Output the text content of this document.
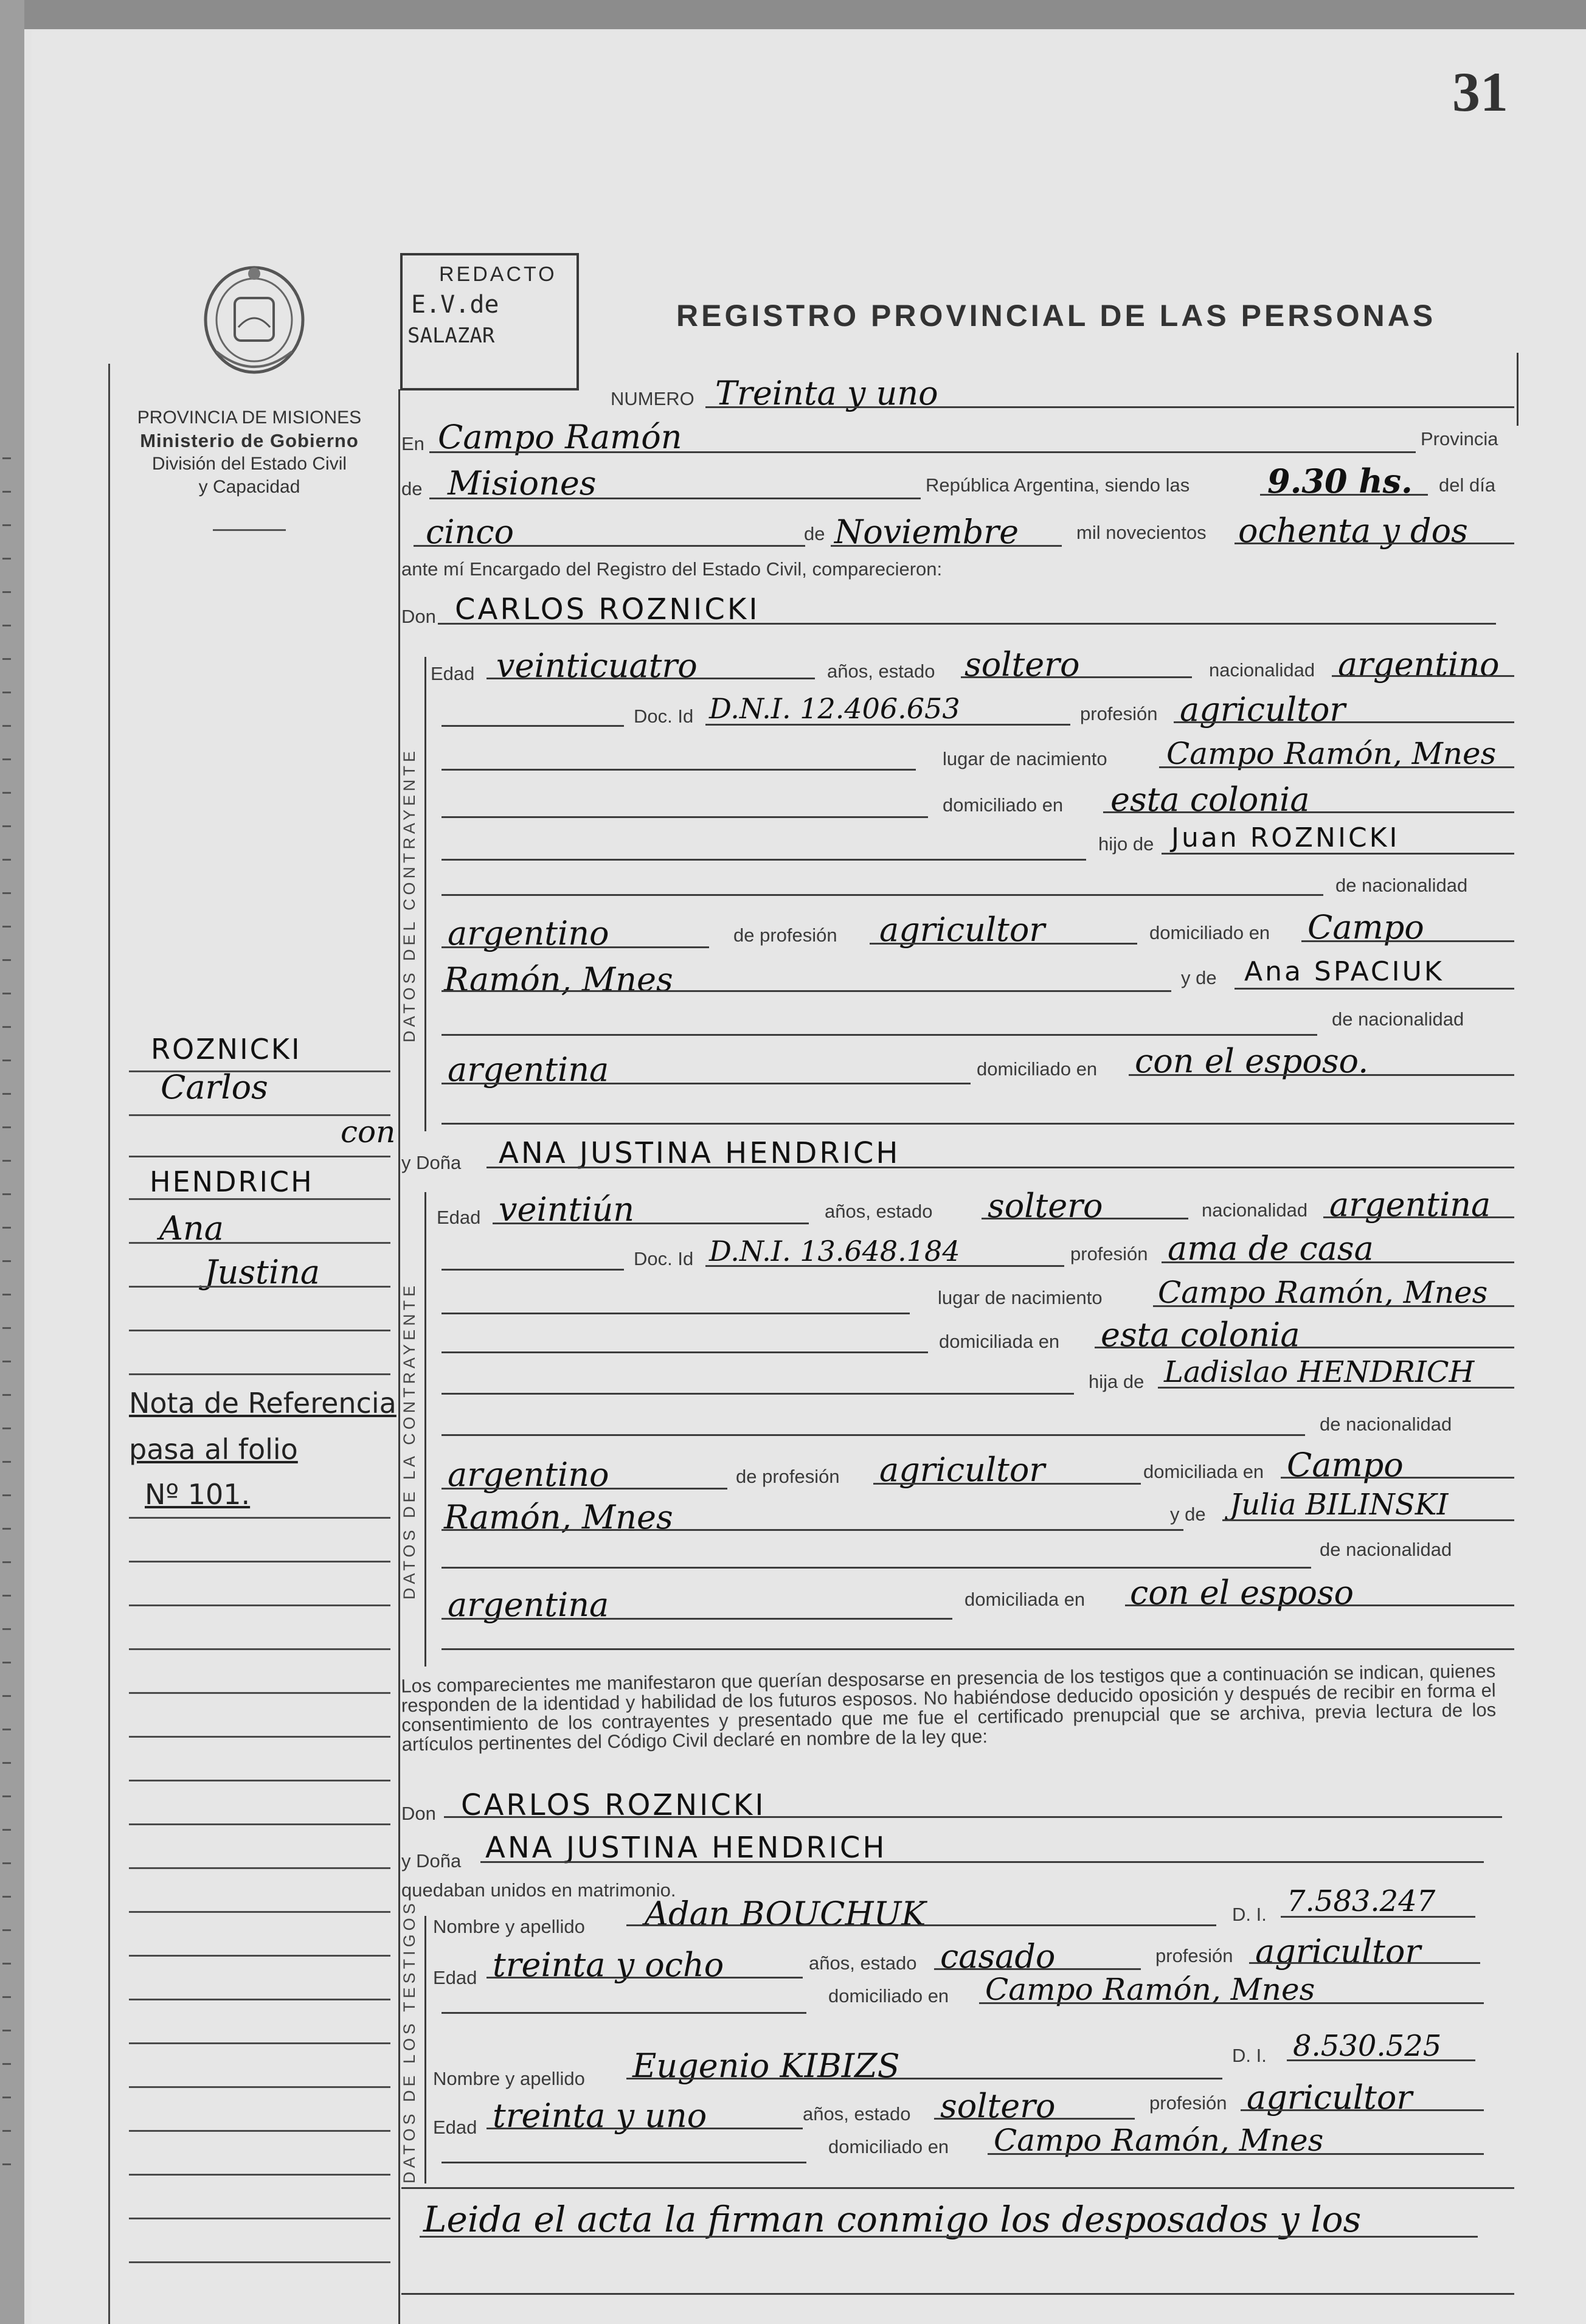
31
PROVINCIA DE MISIONES
Ministerio de Gobierno
División del Estado Civil
y Capacidad
REDACTO
E.V.de
SALAZAR
REGISTRO PROVINCIAL DE LAS PERSONAS
NUMERO Treinta y uno
En Campo Ramón	Provincia
de Misiones	República Argentina, siendo las 9.30 hs. del día
cinco	de Noviembre	mil novecientos ochenta y dos
ante mí Encargado del Registro del Estado Civil, comparecieron:
Don CARLOS ROZNICKI
DATOS DEL CONTRAYENTE
Edad veinticuatro	años, estado soltero	nacionalidad argentino
Doc. Id D.N.I. 12.406.653	profesión agricultor
lugar de nacimiento Campo Ramón, Mnes
domiciliado en esta colonia
hijo de Juan ROZNICKI
de nacionalidad
argentino	de profesión agricultor	domiciliado en Campo
Ramón, Mnes	y de Ana SPACIUK
de nacionalidad
argentina	domiciliado en con el esposo.
y Doña ANA JUSTINA HENDRICH
DATOS DE LA CONTRAYENTE
Edad veintiún	años, estado soltero	nacionalidad argentina
Doc. Id D.N.I. 13.648.184	profesión ama de casa
lugar de nacimiento Campo Ramón, Mnes
domiciliada en esta colonia
hija de Ladislao HENDRICH
de nacionalidad
argentino	de profesión agricultor	domiciliada en Campo
Ramón, Mnes	y de Julia BILINSKI
de nacionalidad
argentina	domiciliada en con el esposo
Los comparecientes me manifestaron que querían desposarse en presencia de los testigos que a continuación se indican, quienes responden de la identidad y habilidad de los futuros esposos. No habiéndose deducido oposición y después de recibir en forma el consentimiento de los contrayentes y presentado que me fue el certificado prenupcial que se archiva, previa lectura de los artículos pertinentes del Código Civil declaré en nombre de la ley que:
Don CARLOS ROZNICKI
y Doña ANA JUSTINA HENDRICH
quedaban unidos en matrimonio.
DATOS DE LOS TESTIGOS Nombre y apellido Adan BOUCHUK	D. I. 7.583.247
Edad treinta y ocho	años, estado casado	profesión agricultor
domiciliado en Campo Ramón, Mnes
Nombre y apellido Eugenio KIBIZS	D. I. 8.530.525
Edad treinta y uno	años, estado soltero	profesión agricultor
domiciliado en Campo Ramón, Mnes
Leida el acta la firman conmigo los desposados y los
ROZNICKI
Carlos
con
HENDRICH
Ana
Justina
Nota de Referencia
pasa al folio
Nº 101.
